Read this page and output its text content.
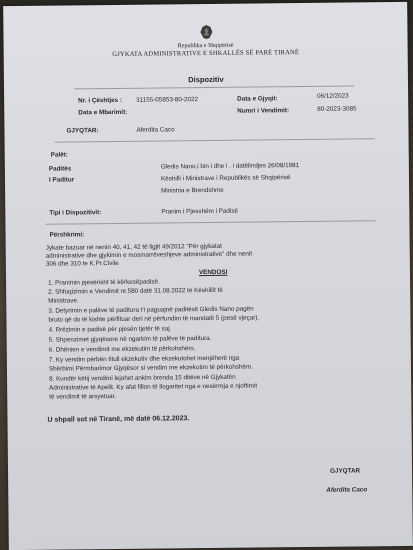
Republika e Shqipërisë
GJYKATA ADMINISTRATIVE E SHKALLËS SË PARË TIRANË
Dispozitiv
Nr. i Çështjes : 31155-05853-80-2022	Data e Gjyqit:	06/12/2023
Data e Mbarimit:	Numri i Vendimit:	80-2023-3085
GJYQTAR:	Aferdita Caco
Palët:
Paditës	Gledis Nano,i bin i dhe i , i datëlindjes 26/08/1981
I Paditur	Këshilli i Ministrave i Republikës së Shqipërisë
Ministria e Brendshme
Tipi i Dispozitivit:	Pranim i Pjesshëm i Padisë
Përshkrimi:
Jykate bazuar në nenin 40, 41, 42 të ligjit 49/2012 "Për gjykatat
administrative dhe gjykimin e mosmarrëveshjeve administrative" dhe nenit
306 dhe 310 te K.Pr.Civile
VENDOSI
1. Pranimin pjesërisht të kërkesëpadisë.
2. Shfuqizimin e Vendimit nr.580 datë 31.08.2022 të Këshillit të
Ministrave.
3. Detyrimin e palëve të paditura t'i paguajnë paditësit Gledis Nano pagën
bruto që do të kishte përfituar deri në përfundim të mandatit 5 (pesë vjeçar).
4. Rrëzimin e padisë për pjesën tjetër të saj.
5. Shpenzimet gjyqësore në ngarkim të palëve të paditura.
6. Dhënien e vendimit me ekzekutim të përkohshëm.
7. Ky vendim përbën titull ekzekutiv dhe ekzekutohet menjëherë nga
Shërbimi Përmbarimor Gjyqësor si vendim me ekzekutim të përkohshëm.
8. Kundër këtij vendimi lejohet ankim brenda 15 ditëve në Gjykatën
Administrative të Apelit. Ky afat fillon të llogaritet nga e nesërmja e njoftimit
të vendimit të arsyetuar.
U shpall sot në Tiranë, më datë 06.12.2023.
GJYQTAR
Aferdita Caco
